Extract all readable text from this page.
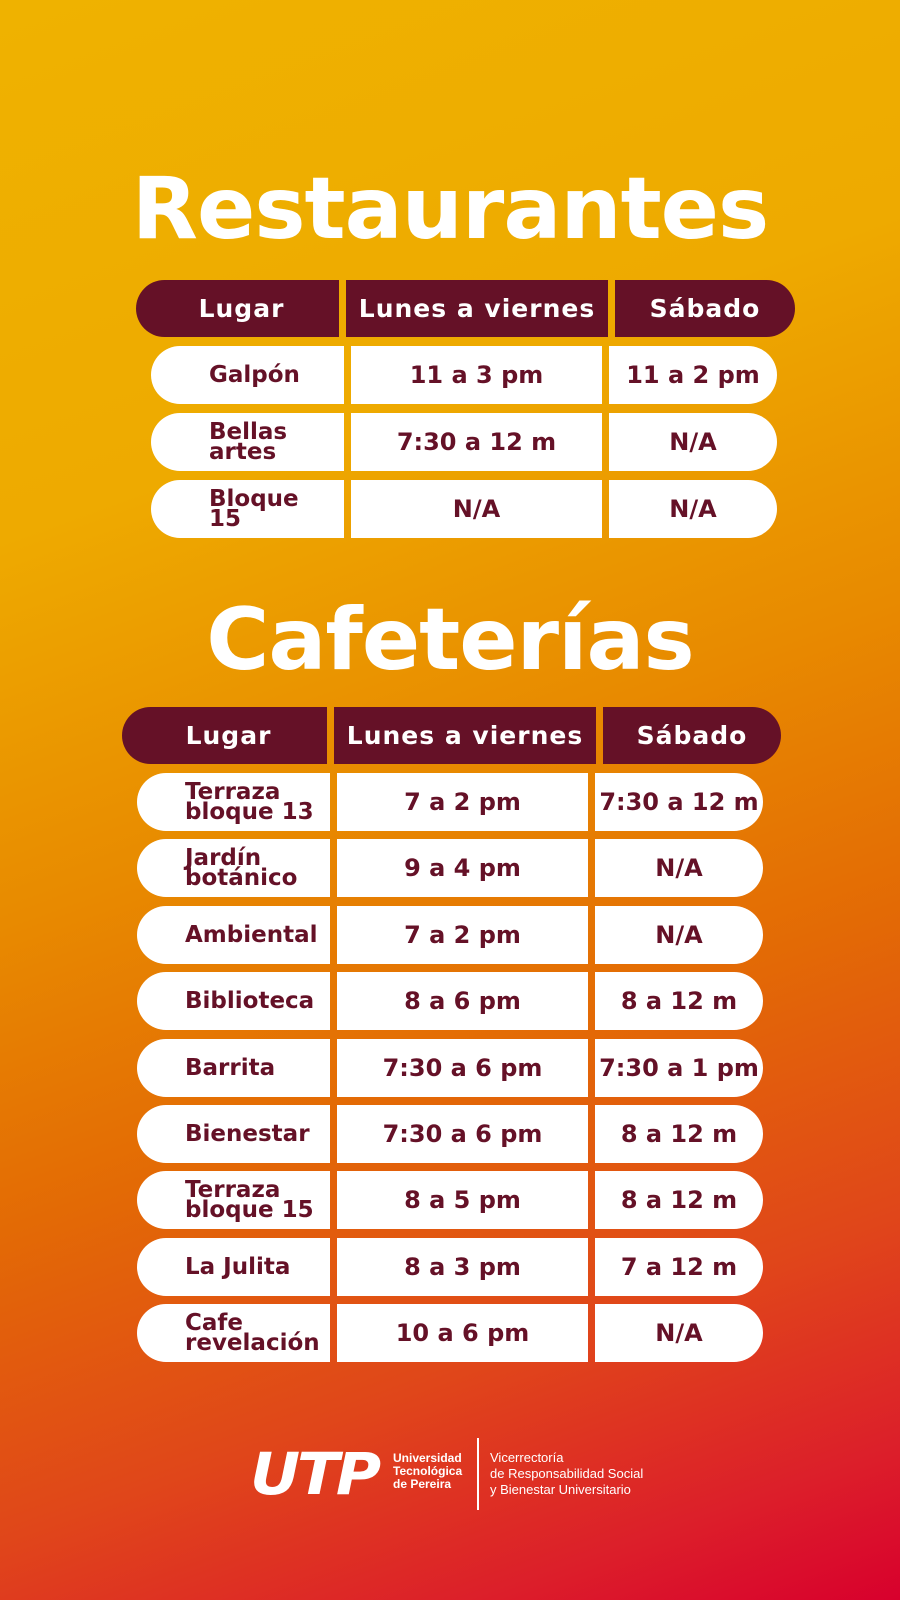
Restaurantes
Lugar	Lunes a viernes	Sábado
Galpón	11 a 3 pm	11 a 2 pm
Bellas
artes	7:30 a 12 m	N/A
Bloque
15	N/A	N/A
Cafeterías
Lugar	Lunes a viernes	Sábado
Terraza
bloque 13	7 a 2 pm	7:30 a 12 m
Jardín
botánico	9 a 4 pm	N/A
Ambiental	7 a 2 pm	N/A
Biblioteca	8 a 6 pm	8 a 12 m
Barrita	7:30 a 6 pm	7:30 a 1 pm
Bienestar	7:30 a 6 pm	8 a 12 m
Terraza
bloque 15	8 a 5 pm	8 a 12 m
La Julita	8 a 3 pm	7 a 12 m
Cafe
revelación	10 a 6 pm	N/A
UTP Universidad
Tecnológica
de Pereira
Vicerrectoría
de Responsabilidad Social
y Bienestar Universitario
